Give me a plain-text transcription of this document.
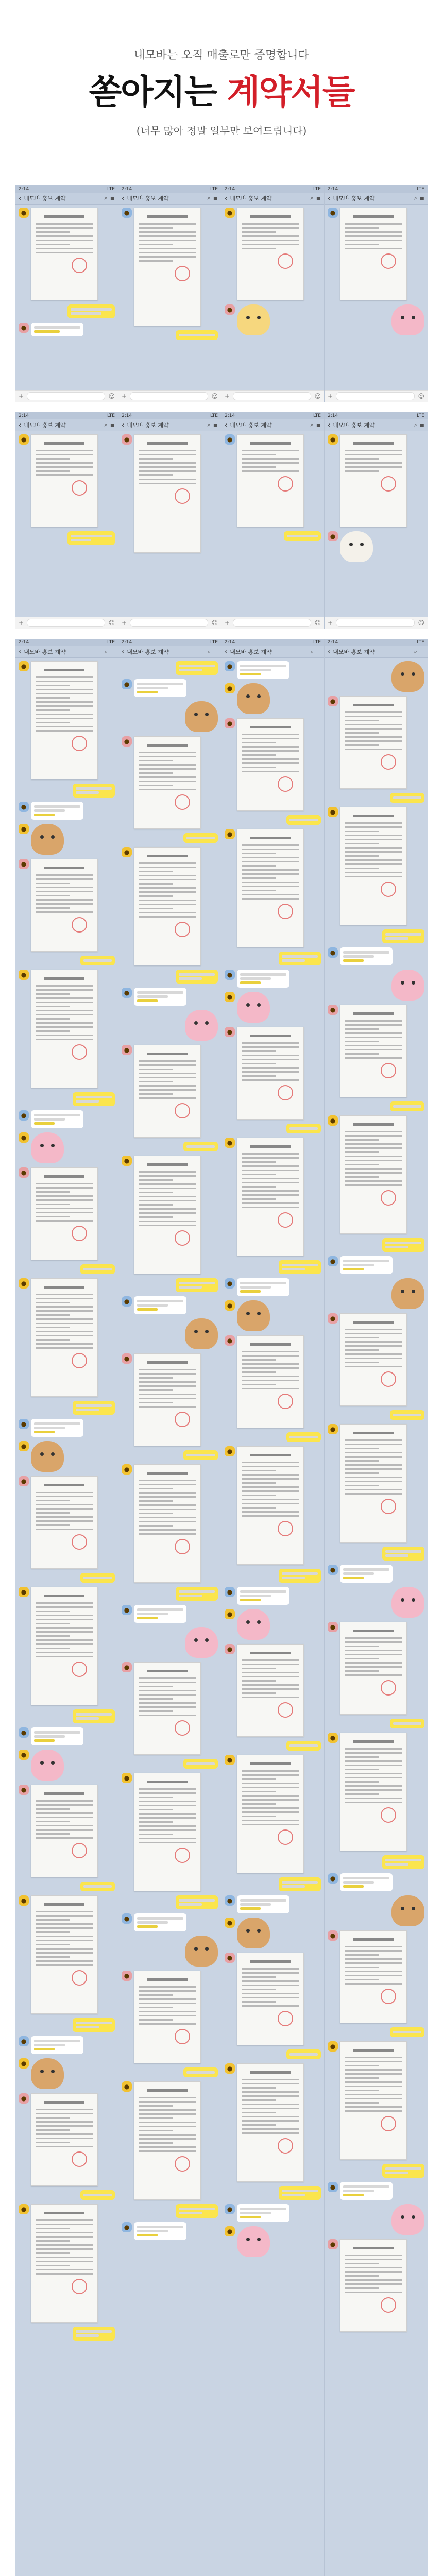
내모바는 오직 매출로만 증명합니다
쏟아지는 계약서들
(너무 많아 정말 일부만 보여드립니다)
2:14	LTE
‹ 내모바 홍보 계약	⌕ ≡
●
●
+	☺
2:14	LTE
‹ 내모바 홍보 계약	⌕ ≡
●
+	☺
2:14	LTE
‹ 내모바 홍보 계약	⌕ ≡
●
●
+	☺
2:14	LTE
‹ 내모바 홍보 계약	⌕ ≡
●
+	☺
2:14	LTE
‹ 내모바 홍보 계약	⌕ ≡
●
+	☺
2:14	LTE
‹ 내모바 홍보 계약	⌕ ≡
●
+	☺
2:14	LTE
‹ 내모바 홍보 계약	⌕ ≡
●
+	☺
2:14	LTE
‹ 내모바 홍보 계약	⌕ ≡
●
●
+	☺
2:14	LTE
‹ 내모바 홍보 계약	⌕ ≡
●
●
●
●
●
●
●
●
●
●
●
●
●
●
●
●
●
●
●
●
●
2:14	LTE
‹ 내모바 홍보 계약	⌕ ≡
●
●
●
●
●
●
●
●
●
●
●
●
●
●
●
●
2:14	LTE
‹ 내모바 홍보 계약	⌕ ≡
●
●
●
●
●
●
●
●
●
●
●
●
●
●
●
●
●
●
●
●
●
●
2:14	LTE
‹ 내모바 홍보 계약	⌕ ≡
●
●
●
●
●
●
●
●
●
●
●
●
●
●
●
●
